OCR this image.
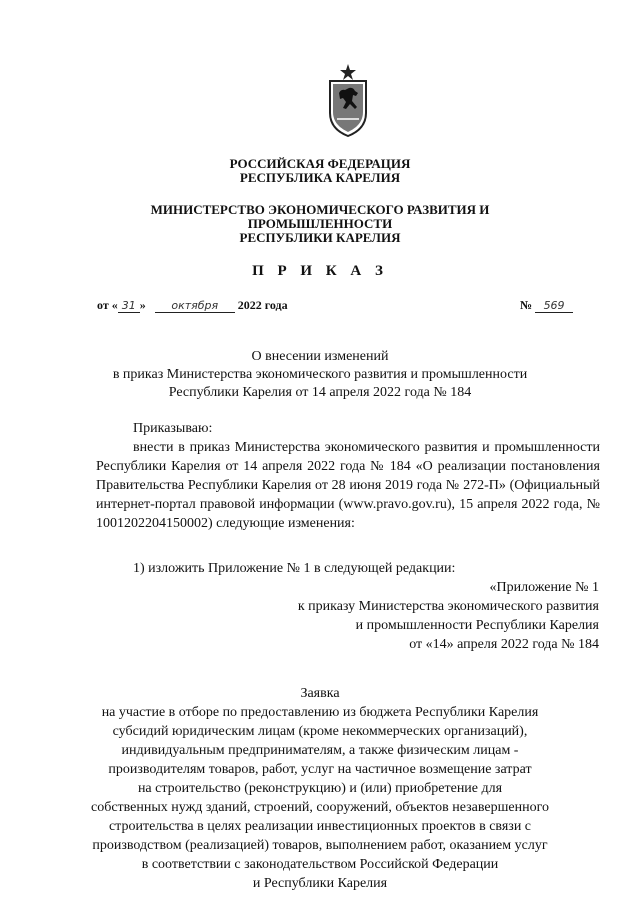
РОССИЙСКАЯ ФЕДЕРАЦИЯ
РЕСПУБЛИКА КАРЕЛИЯ
МИНИСТЕРСТВО ЭКОНОМИЧЕСКОГО РАЗВИТИЯ И
ПРОМЫШЛЕННОСТИ
РЕСПУБЛИКИ КАРЕЛИЯ
П Р И К А З
от « 31 » октября 2022 года	№ 569
О внесении изменений
в приказ Министерства экономического развития и промышленности
Республики Карелия от 14 апреля 2022 года № 184
Приказываю:
внести в приказ Министерства экономического развития и промышленности Республики Карелия от 14 апреля 2022 года № 184 «О реализации постановления Правительства Республики Карелия от 28 июня 2019 года № 272-П» (Официальный интернет-портал правовой информации (www.pravo.gov.ru), 15 апреля 2022 года, № 1001202204150002) следующие изменения:
1) изложить Приложение № 1 в следующей редакции:
«Приложение № 1
к приказу Министерства экономического развития
и промышленности Республики Карелия
от «14» апреля 2022 года № 184
Заявка
на участие в отборе по предоставлению из бюджета Республики Карелия
субсидий юридическим лицам (кроме некоммерческих организаций),
индивидуальным предпринимателям, а также физическим лицам -
производителям товаров, работ, услуг на частичное возмещение затрат
на строительство (реконструкцию) и (или) приобретение для
собственных нужд зданий, строений, сооружений, объектов незавершенного
строительства в целях реализации инвестиционных проектов в связи с
производством (реализацией) товаров, выполнением работ, оказанием услуг
в соответствии с законодательством Российской Федерации
и Республики Карелия
